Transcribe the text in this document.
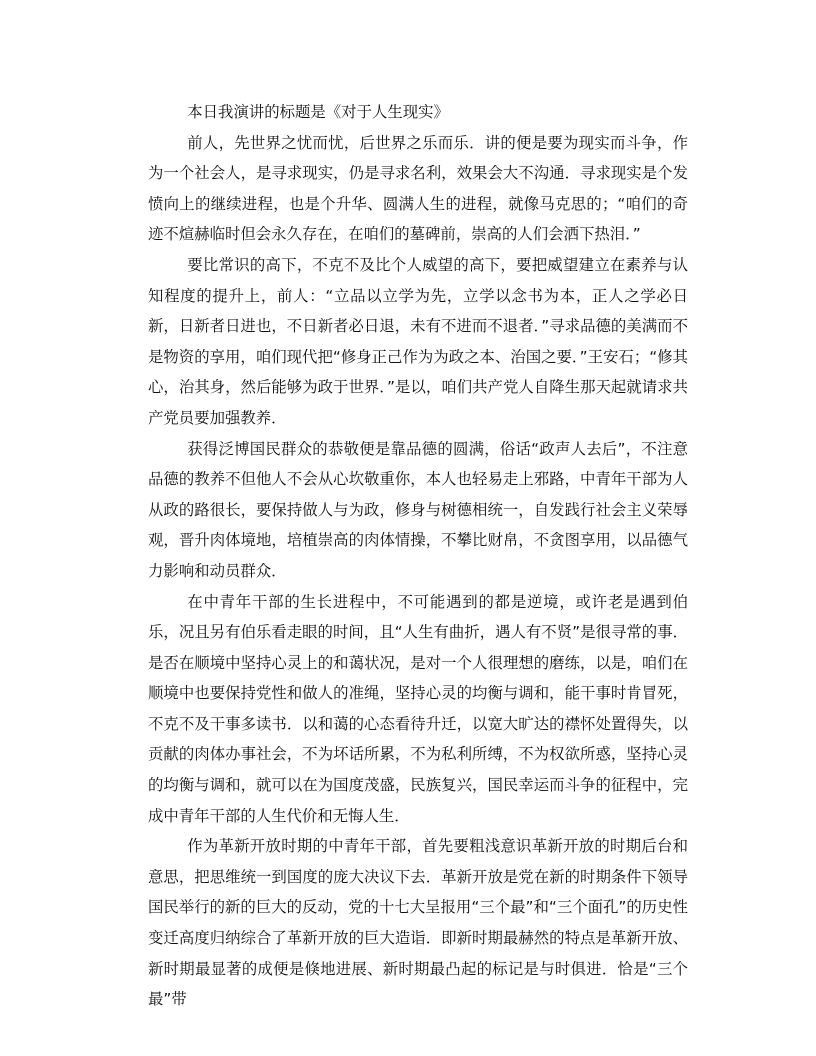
本日我演讲的标题是《对于人生现实》

前人，先世界之忧而忧，后世界之乐而乐．讲的便是要为现实而斗争，作为一个社会人，是寻求现实，仍是寻求名利，效果会大不沟通．寻求现实是个发愤向上的继续进程，也是个升华、圆满人生的进程，就像马克思的；“咱们的奇迹不煊赫临时但会永久存在，在咱们的墓碑前，崇高的人们会洒下热泪．”

要比常识的高下，不克不及比个人威望的高下，要把威望建立在素养与认知程度的提升上，前人：“立品以立学为先，立学以念书为本，正人之学必日新，日新者日进也，不日新者必日退，未有不进而不退者．”寻求品德的美满而不是物资的享用，咱们现代把“修身正己作为为政之本、治国之要．”王安石；“修其心，治其身，然后能够为政于世界．”是以，咱们共产党人自降生那天起就请求共产党员要加强教养．

获得泛博国民群众的恭敬便是靠品德的圆满，俗话“政声人去后”，不注意品德的教养不但他人不会从心坎敬重你，本人也轻易走上邪路，中青年干部为人从政的路很长，要保持做人与为政，修身与树德相统一，自发践行社会主义荣辱观，晋升肉体境地，培植崇高的肉体情操，不攀比财帛，不贪图享用，以品德气力影响和动员群众．

在中青年干部的生长进程中，不可能遇到的都是逆境，或许老是遇到伯乐，况且另有伯乐看走眼的时间，且“人生有曲折，遇人有不贤”是很寻常的事．是否在顺境中坚持心灵上的和蔼状况，是对一个人很理想的磨练，以是，咱们在顺境中也要保持党性和做人的准绳，坚持心灵的均衡与调和，能干事时肯冒死，不克不及干事多读书．以和蔼的心态看待升迁，以宽大旷达的襟怀处置得失，以贡献的肉体办事社会，不为坏话所累，不为私利所缚，不为权欲所惑，坚持心灵的均衡与调和，就可以在为国度茂盛，民族复兴，国民幸运而斗争的征程中，完成中青年干部的人生代价和无悔人生．

作为革新开放时期的中青年干部，首先要粗浅意识革新开放的时期后台和意思，把思维统一到国度的庞大决议下去．革新开放是党在新的时期条件下领导国民举行的新的巨大的反动，党的十七大呈报用“三个最”和“三个面孔”的历史性变迁高度归纳综合了革新开放的巨大造诣．即新时期最赫然的特点是革新开放、新时期最显著的成便是倏地进展、新时期最凸起的标记是与时俱进．恰是“三个最”带
